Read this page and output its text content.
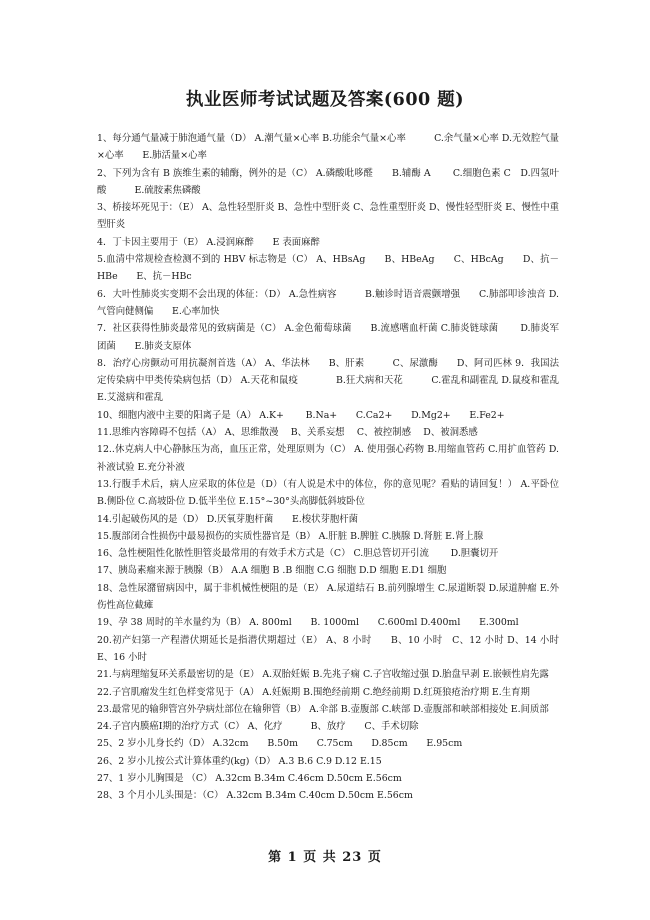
执业医师考试试题及答案(600 题)

1、每分通气量减于肺泡通气量（D） A.潮气量×心率 B.功能余气量×心率　　　C.余气量×心率 D.无效腔气量×心率　　E.肺活量×心率

2、下列为含有 B 族维生素的辅酶，例外的是（C） A.磷酸吡哆醛　　B.辅酶 A　　 C.细胞色素 C　D.四氢叶酸　　　E.硫胺素焦磷酸

3、桥接坏死见于：（E） A、急性轻型肝炎 B、急性中型肝炎 C、急性重型肝炎 D、慢性轻型肝炎 E、慢性中重型肝炎

4．丁卡因主要用于（E） A.浸润麻醉　　E 表面麻醉

5.血清中常规检查检测不到的 HBV 标志物是（C） A、HBsAg　　B、HBeAg　　C、HBcAg　　D、抗－HBe　　E、抗－HBc

6．大叶性肺炎实变期不会出现的体征：（D） A.急性病容　　　B.触诊时语音震颤增强　　C.肺部叩诊浊音 D.气管向健侧偏　　E.心率加快

7．社区获得性肺炎最常见的致病菌是（C） A.金色葡萄球菌　　B.流感嗜血杆菌 C.肺炎链球菌　　 D.肺炎军团菌　　E.肺炎支原体

8．治疗心房颤动可用抗凝剂首选（A） A、华法林　　B、肝素　　　C、尿激酶　　D、阿司匹林 9．我国法定传染病中甲类传染病包括（D） A.天花和鼠疫　　　　B.狂犬病和天花　　　C.霍乱和副霍乱 D.鼠疫和霍乱　　E.艾滋病和霍乱

10、细胞内液中主要的阳离子是（A） A.K+　　 B.Na+　　C.Ca2+　　D.Mg2+　　E.Fe2+

11.思维内容障碍不包括（A） A、思维散漫　 B、关系妄想　 C、被控制感　 D、被洞悉感

12..休克病人中心静脉压为高，血压正常，处理原则为（C） A. 使用强心药物 B.用缩血管药 C.用扩血管药 D.补液试验 E.充分补液

13.行腹手术后，病人应采取的体位是（D）（有人说是术中的体位，你的意见呢？看贴的请回复！） A.平卧位 B.侧卧位 C.高坡卧位 D.低半坐位 E.15°~30°头高脚低斜坡卧位

14.引起破伤风的是（D） D.厌氧芽胞杆菌　　E.梭状芽胞杆菌

15.腹部闭合性损伤中最易损伤的实质性器官是（B） A.肝脏 B.脾脏 C.胰腺 D.肾脏 E.肾上腺

16、急性梗阻性化脓性胆管炎最常用的有效手术方式是（C） C.胆总管切开引流　　 D.胆囊切开

17、胰岛素瘤来源于胰腺（B） A.A 细胞 B .B 细胞 C.G 细胞 D.D 细胞 E.D1 细胞

18、急性尿潴留病因中，属于非机械性梗阻的是（E） A.尿道结石 B.前列腺增生 C.尿道断裂 D.尿道肿瘤 E.外伤性高位截瘫

19、孕 38 周时的羊水量约为（B） A. 800ml　　B. 1000ml　　C.600ml D.400ml　　E.300ml

20.初产妇第一产程潜伏期延长是指潜伏期超过（E） A、8 小时　　B、10 小时　C、12 小时 D、14 小时　　E、16 小时

21.与病理缩复环关系最密切的是（E） A.双胎妊娠 B.先兆子痫 C.子宫收缩过强 D.胎盘早剥 E.嵌顿性肩先露

22.子宫肌瘤发生红色样变常见于（A） A.妊娠期 B.围绝经前期 C.绝经前期 D.红斑狼疮治疗期 E.生育期

23.最常见的输卵管宫外孕病灶部位在输卵管（B） A.伞部 B.壶腹部 C.峡部 D.壶腹部和峡部相接处 E.间质部

24.子宫内膜癌Ⅰ期的治疗方式（C） A、化疗　　　B、放疗　　C、手术切除

25、2 岁小儿身长约（D） A.32cm　　B.50m　　C.75cm　　D.85cm　　E.95cm

26、2 岁小儿按公式计算体重约(kg)（D） A.3 B.6 C.9 D.12 E.15

27、1 岁小儿胸围是 （C） A.32cm B.34m C.46cm D.50cm E.56cm

28、3 个月小儿头围是：（C） A.32cm B.34m C.40cm D.50cm E.56cm

第 1 页 共 23 页
